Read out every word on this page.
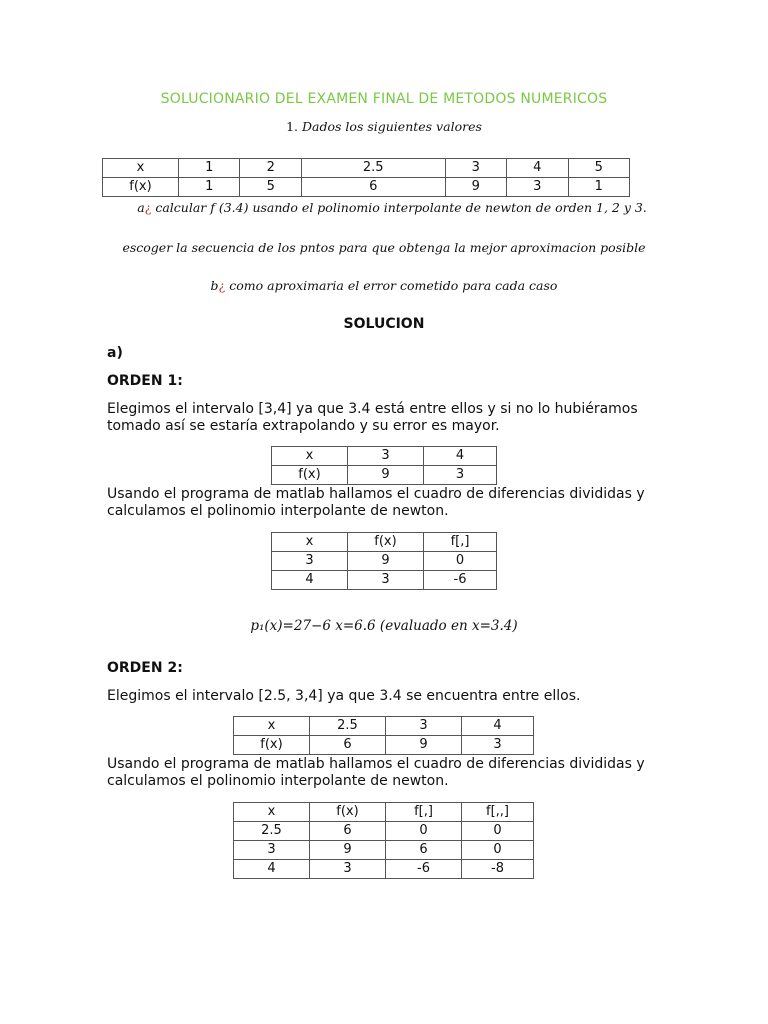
SOLUCIONARIO DEL EXAMEN FINAL DE METODOS NUMERICOS
1. Dados los siguientes valores
x	1	2	2.5	3	4	5
f(x)	1	5	6	9	3	1
a¿ calcular f (3.4) usando el polinomio interpolante de newton de orden 1, 2 y 3.
escoger la secuencia de los pntos para que obtenga la mejor aproximacion posible
b¿ como aproximaria el error cometido para cada caso
SOLUCION
a)
ORDEN 1:
Elegimos el intervalo [3,4] ya que 3.4 está entre ellos y si no lo hubiéramos tomado así se estaría extrapolando y su error es mayor.
x	3	4
f(x)	9	3
Usando el programa de matlab hallamos el cuadro de diferencias divididas y calculamos el polinomio interpolante de newton.
x	f(x)	f[,]
3	9	0
4	3	-6
p₁(x)=27−6 x=6.6 (evaluado en x=3.4)
ORDEN 2:
Elegimos el intervalo [2.5, 3,4] ya que 3.4 se encuentra entre ellos.
x	2.5	3	4
f(x)	6	9	3
Usando el programa de matlab hallamos el cuadro de diferencias divididas y calculamos el polinomio interpolante de newton.
x	f(x)	f[,]	f[,,]
2.5	6	0	0
3	9	6	0
4	3	-6	-8
